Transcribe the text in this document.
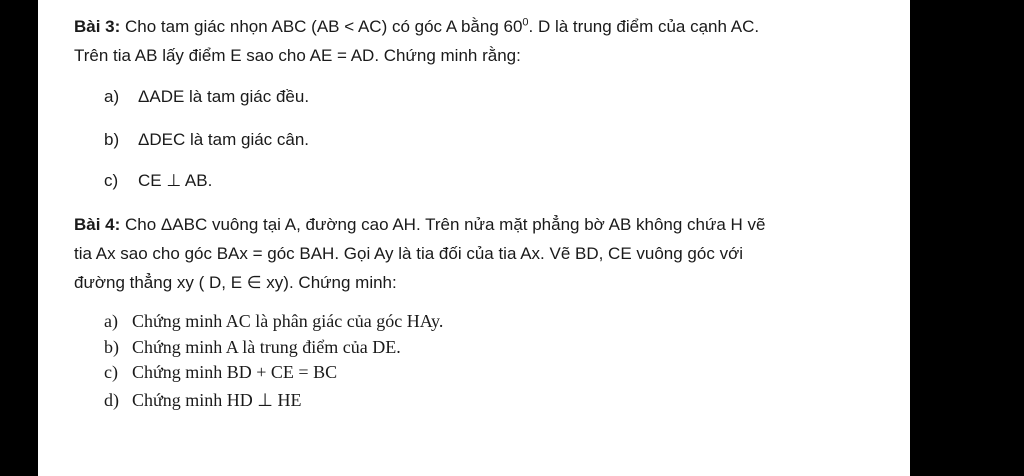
Bài 3: Cho tam giác nhọn ABC (AB < AC) có góc A bằng $60^0$. D là trung điểm của cạnh AC.
Trên tia AB lấy điểm E sao cho AE = AD. Chứng minh rằng:
a) ΔADE là tam giác đều.
b) ΔDEC là tam giác cân.
c) CE ⊥ AB.
Bài 4: Cho ΔABC vuông tại A, đường cao AH. Trên nửa mặt phẳng bờ AB không chứa H vẽ
tia Ax sao cho góc BAx = góc BAH. Gọi Ay là tia đối của tia Ax. Vẽ BD, CE vuông góc với
đường thẳng xy ( D, E ∈ xy). Chứng minh:
a) Chứng minh AC là phân giác của góc HAy.
b) Chứng minh A là trung điểm của DE.
c) Chứng minh BD + CE = BC
d) Chứng minh HD ⊥ HE
